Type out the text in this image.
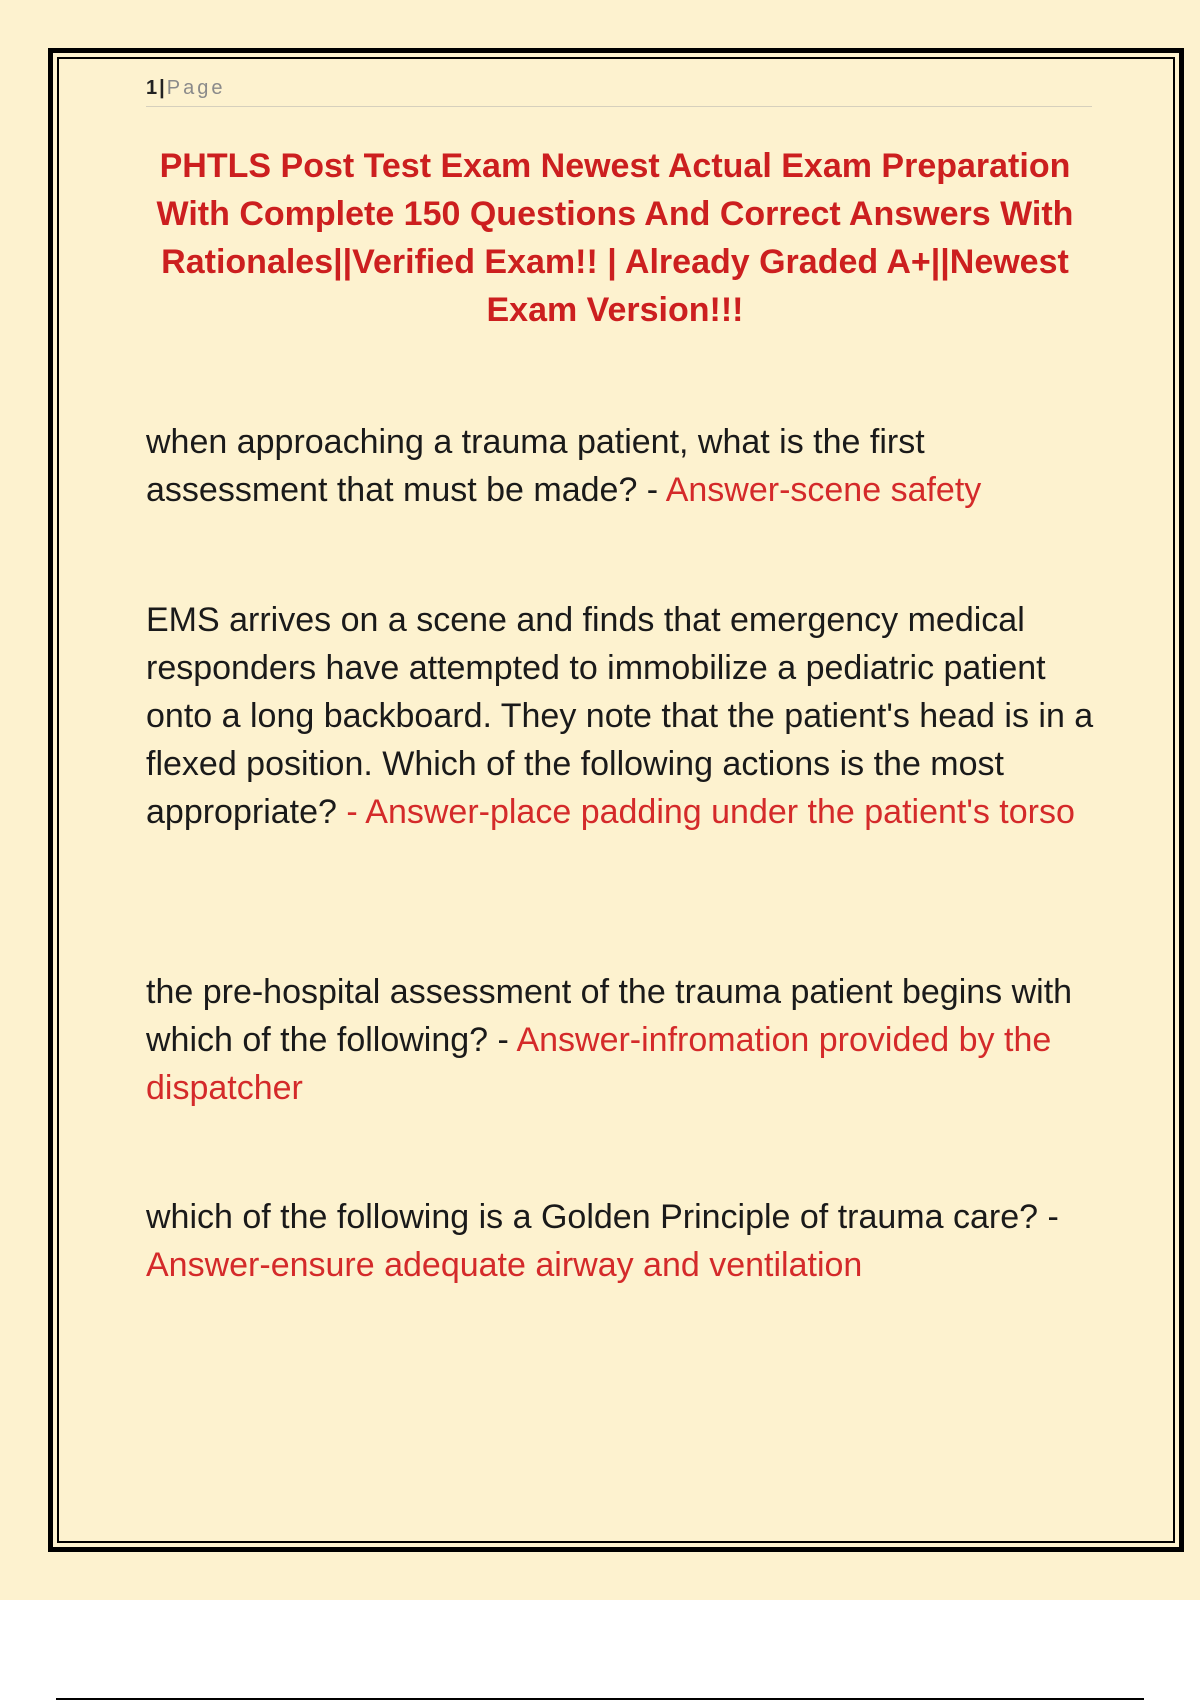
1 | Page
PHTLS Post Test Exam Newest Actual Exam Preparation With Complete 150 Questions And Correct Answers With Rationales||Verified Exam!! | Already Graded A+||Newest Exam Version!!!

when approaching a trauma patient, what is the first assessment that must be made? - Answer-scene safety

EMS arrives on a scene and finds that emergency medical responders have attempted to immobilize a pediatric patient onto a long backboard. They note that the patient's head is in a flexed position. Which of the following actions is the most appropriate? - Answer-place padding under the patient's torso

the pre-hospital assessment of the trauma patient begins with which of the following? - Answer-infromation provided by the dispatcher

which of the following is a Golden Principle of trauma care? - Answer-ensure adequate airway and ventilation
